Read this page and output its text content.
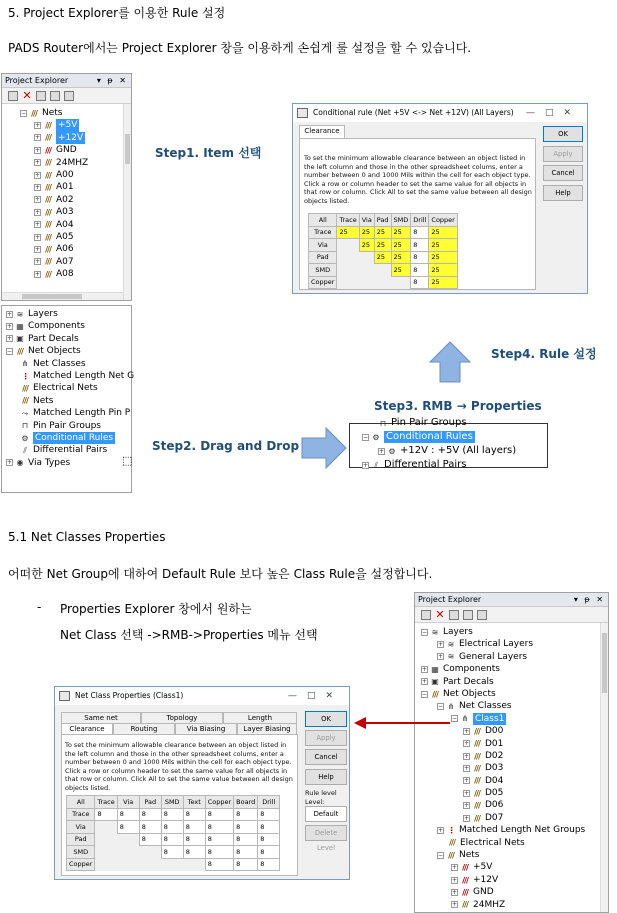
5. Project Explorer를 이용한 Rule 설정
PADS Router에서는 Project Explorer 창을 이용하게 손쉽게 룰 설정을 할 수 있습니다.
Project Explorer	▾ ᵽ ✕
✕
− /// Nets
+ /// +5V
+ /// +12V
+ /// GND
+ /// 24MHZ
+ /// A00
+ /// A01
+ /// A02
+ /// A03
+ /// A04
+ /// A05
+ /// A06
+ /// A07
+ /// A08
+ ≋ Layers
+ ▦ Components
+ ▣ Part Decals
− /// Net Objects
⋔ Net Classes
⋮ Matched Length Net G
/// Electrical Nets
/// Nets
⤳ Matched Length Pin P
⊓ Pin Pair Groups
⚙ Conditional Rules
⫽ Differential Pairs
+ ◉ Via Types	⬚
Step1. Item 선택
Step2. Drag and Drop
Step3. RMB → Properties
Step4. Rule 설정
Conditional rule (Net +5V <-> Net +12V) (All Layers) —□✕
Clearance
To set the minimum allowable clearance between an object listed in the left column and those in the other spreadsheet colums, enter a number between 0 and 1000 Mils within the cell for each object type. Click a row or column header to set the same value for all objects in that row or column. Click All to set the same value between all design objects listed.
All	Trace	Via	Pad	SMD	Drill	Copper
Trace	25	25	25	25	8	25
Via		25	25	25	8	25
Pad			25	25	8	25
SMD				25	8	25
Copper					8	25
OK
Apply
Cancel
Help
⊓ Pin Pair Groups
− ⚙ Conditional Rules
+ ⚙ +12V : +5V (All layers)
+ ⫽ Differential Pairs
5.1 Net Classes Properties
어떠한 Net Group에 대하여 Default Rule 보다 높은 Class Rule을 설정합니다.
- Properties Explorer 창에서 원하는
Net Class 선택 ->RMB->Properties 메뉴 선택
Project Explorer	▾ ᵽ ✕
✕
− ≋ Layers
+ ≋ Electrical Layers
+ ≋ General Layers
+ ▦ Components
+ ▣ Part Decals
− /// Net Objects
− ⋔ Net Classes
− ⋔ Class1
+ /// D00
+ /// D01
+ /// D02
+ /// D03
+ /// D04
+ /// D05
+ /// D06
+ /// D07
+ ⋮ Matched Length Net Groups
/// Electrical Nets
− /// Nets
+ /// +5V
+ /// +12V
+ /// GND
+ /// 24MHZ
Net Class Properties (Class1)	—□✕
Same net	Topology	Length
Clearance	Routing	Via Biasing	Layer Biasing
To set the minimum allowable clearance between an object listed in the left column and those in the other spreadsheet colums, enter a number between 0 and 1000 Mils within the cell for each object type. Click a row or column header to set the same value for all objects in that row or column. Click All to set the same value between all design objects listed.
All	Trace	Via	Pad	SMD	Text	Copper	Board	Drill
Trace	8	8	8	8	8	8	8	8
Via		8	8	8	8	8	8	8
Pad			8	8	8	8	8	8
SMD				8	8	8	8	8
Copper						8	8	8
OK
Apply
Cancel
Help
Rule level Level:
Default
Delete Level
